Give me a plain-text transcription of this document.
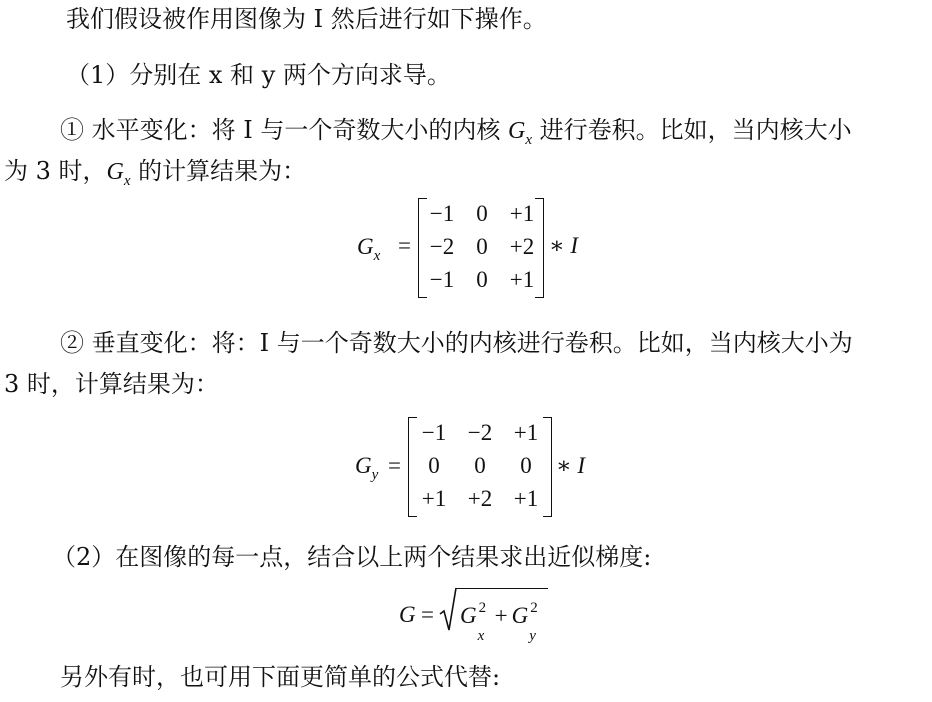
我们假设被作用图像为 I 然后进行如下操作。
（1）分别在 x 和 y 两个方向求导。
① 水平变化：将 I 与一个奇数大小的内核 $G_x$ 进行卷积。比如，当内核大小
为 3 时，$G_x$ 的计算结果为：
$G_x$ =
−1 0 +1
−2 0 +2
−1 0 +1
∗ I
② 垂直变化：将：I 与一个奇数大小的内核进行卷积。比如，当内核大小为
3 时，计算结果为：
$G_y$ =
−1 −2 +1
0	0	0
+1 +2 +1
∗ I
（2）在图像的每一点，结合以上两个结果求出近似梯度:
G = G
x
2 + G
y
2
另外有时，也可用下面更简单的公式代替:
